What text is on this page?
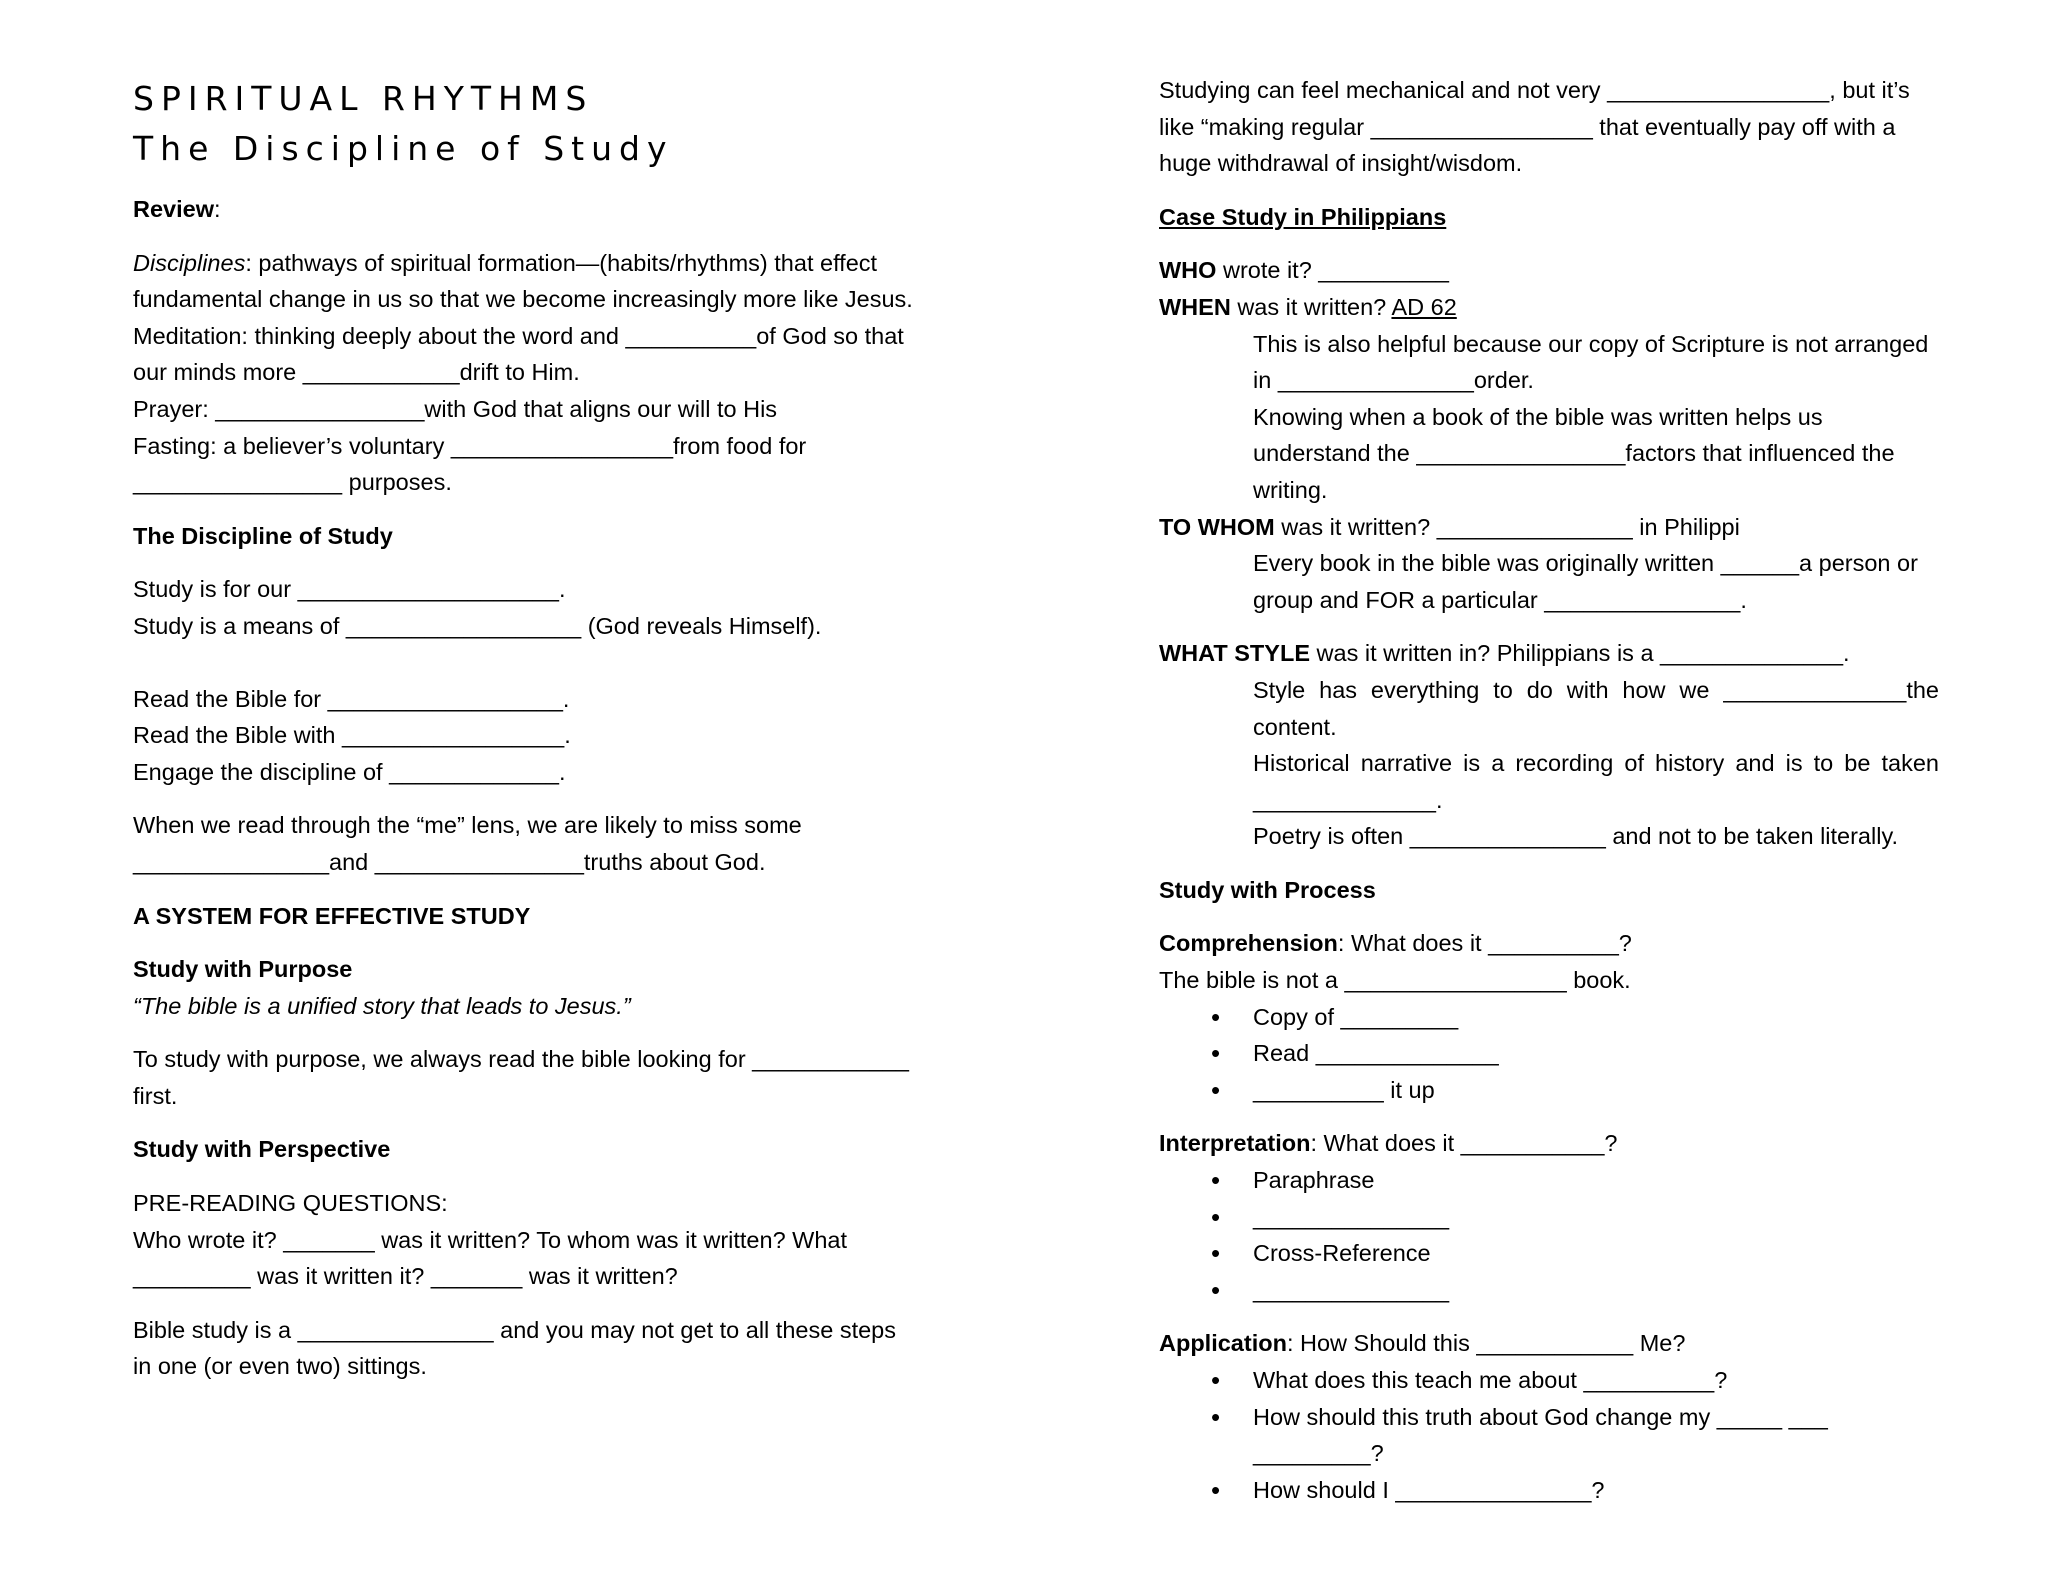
SPIRITUAL RHYTHMS
The Discipline of Study

Review:

Disciplines: pathways of spiritual formation—(habits/rhythms) that effect fundamental change in us so that we become increasingly more like Jesus.

Meditation: thinking deeply about the word and __________of God so that our minds more ____________drift to Him.

Prayer: ________________with God that aligns our will to His

Fasting: a believer’s voluntary _________________from food for ________________ purposes.

The Discipline of Study

Study is for our ____________________.

Study is a means of __________________ (God reveals Himself).

Read the Bible for __________________.

Read the Bible with _________________.

Engage the discipline of _____________.

When we read through the “me” lens, we are likely to miss some _______________and ________________truths about God.

A SYSTEM FOR EFFECTIVE STUDY

Study with Purpose

“The bible is a unified story that leads to Jesus.”

To study with purpose, we always read the bible looking for ____________ first.

Study with Perspective

PRE-READING QUESTIONS:

Who wrote it? _______ was it written? To whom was it written? What _________ was it written it? _______ was it written?

Bible study is a _______________ and you may not get to all these steps in one (or even two) sittings.

Studying can feel mechanical and not very _________________, but it’s like “making regular _________________ that eventually pay off with a huge withdrawal of insight/wisdom.

Case Study in Philippians

WHO wrote it? __________

WHEN was it written? AD 62

This is also helpful because our copy of Scripture is not arranged in _______________order.

Knowing when a book of the bible was written helps us understand the ________________factors that influenced the writing.

TO WHOM was it written? _______________ in Philippi

Every book in the bible was originally written ______a person or group and FOR a particular _______________.

WHAT STYLE was it written in? Philippians is a ______________.

Style has everything to do with how we ______________the content.

Historical narrative is a recording of history and is to be taken ______________.

Poetry is often _______________ and not to be taken literally.

Study with Process

Comprehension: What does it __________?

The bible is not a _________________ book.

• Copy of _________
• Read ______________
• __________ it up

Interpretation: What does it ___________?

• Paraphrase
• _______________
• Cross-Reference
• _______________

Application: How Should this ____________ Me?

• What does this teach me about __________?
• How should this truth about God change my _____ ___ _________?
• How should I _______________?
